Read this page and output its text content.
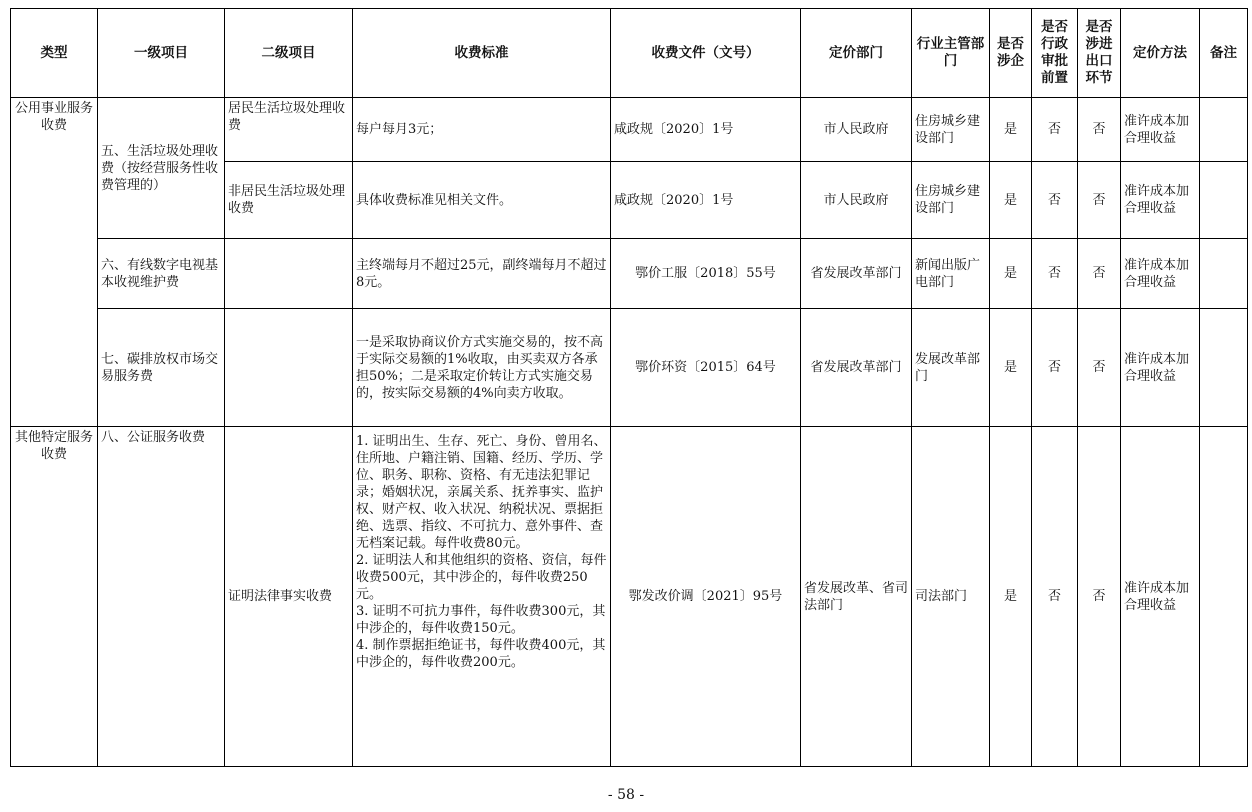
类型	一级项目	二级项目	收费标准	收费文件（文号）	定价部门	行业主管部门	是否涉企	是否行政审批前置	是否涉进出口环节	定价方法	备注
公用事业服务收费	五、生活垃圾处理收费（按经营服务性收费管理的）	居民生活垃圾处理收费	每户每月3元；	咸政规〔2020〕1号	市人民政府	住房城乡建设部门	是	否	否	准许成本加合理收益	
		非居民生活垃圾处理收费	具体收费标准见相关文件。	咸政规〔2020〕1号	市人民政府	住房城乡建设部门	是	否	否	准许成本加合理收益	
	六、有线数字电视基本收视维护费		主终端每月不超过25元，副终端每月不超过8元。	鄂价工服〔2018〕55号	省发展改革部门	新闻出版广电部门	是	否	否	准许成本加合理收益	
	七、碳排放权市场交易服务费		一是采取协商议价方式实施交易的，按不高于实际交易额的1%收取，由买卖双方各承担50%；二是采取定价转让方式实施交易的，按实际交易额的4%向卖方收取。	鄂价环资〔2015〕64号	省发展改革部门	发展改革部门	是	否	否	准许成本加合理收益	
其他特定服务收费	八、公证服务收费	证明法律事实收费	1. 证明出生、生存、死亡、身份、曾用名、住所地、户籍注销、国籍、经历、学历、学位、职务、职称、资格、有无违法犯罪记录；婚姻状况，亲属关系、抚养事实、监护权、财产权、收入状况、纳税状况、票据拒绝、选票、指纹、不可抗力、意外事件、查无档案记载。每件收费80元。
2. 证明法人和其他组织的资格、资信，每件收费500元，其中涉企的，每件收费250元。
3. 证明不可抗力事件，每件收费300元，其中涉企的，每件收费150元。
4. 制作票据拒绝证书，每件收费400元，其中涉企的，每件收费200元。	鄂发改价调〔2021〕95号	省发展改革、省司法部门	司法部门	是	否	否	准许成本加合理收益	
- 58 -
